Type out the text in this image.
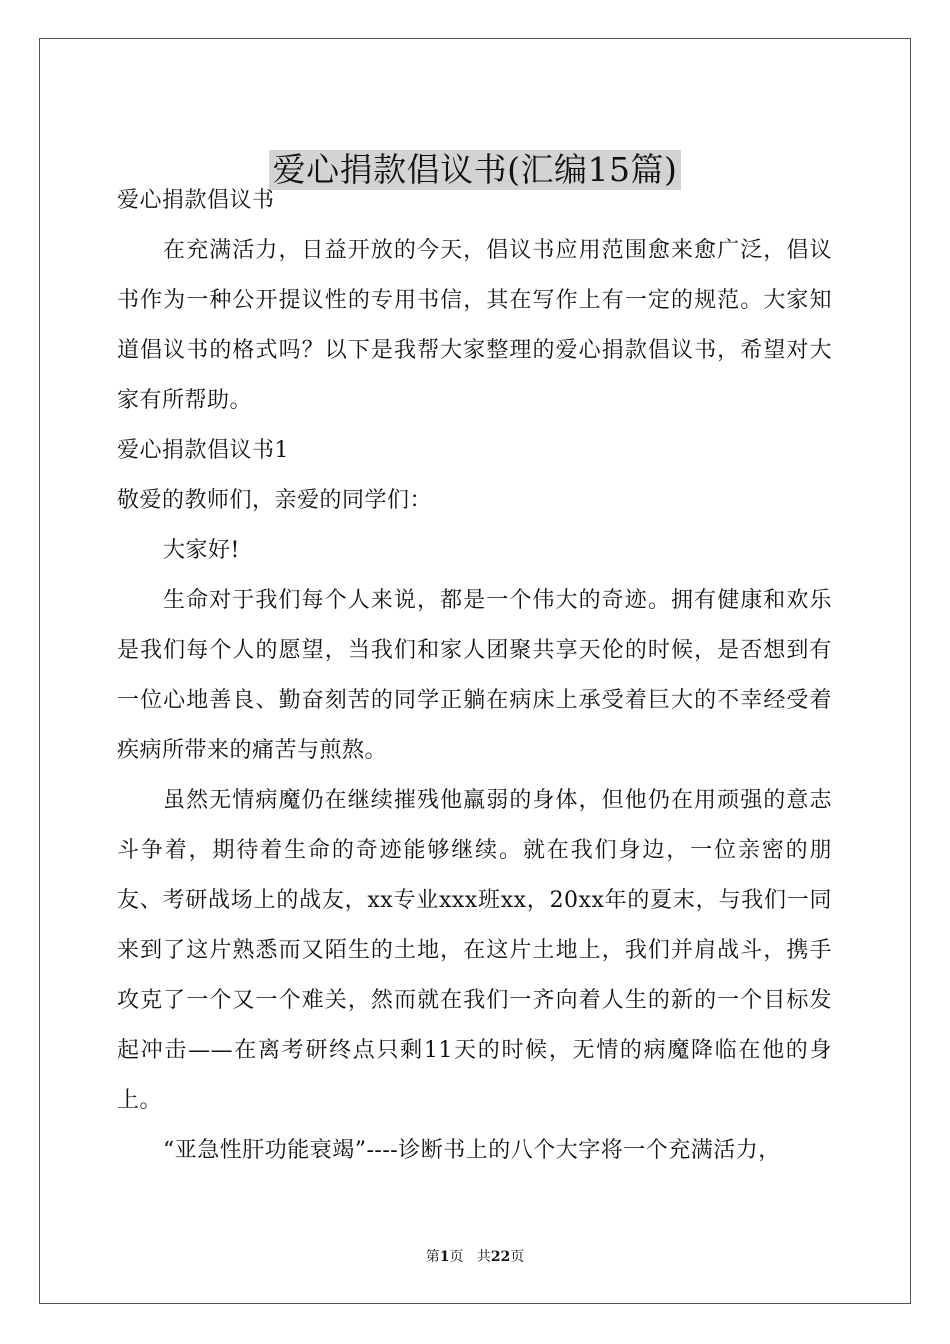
爱心捐款倡议书(汇编15篇)

爱心捐款倡议书

在充满活力，日益开放的今天，倡议书应用范围愈来愈广泛，倡议书作为一种公开提议性的专用书信，其在写作上有一定的规范。大家知道倡议书的格式吗？以下是我帮大家整理的爱心捐款倡议书，希望对大家有所帮助。

爱心捐款倡议书1

敬爱的教师们，亲爱的同学们：

大家好!

生命对于我们每个人来说，都是一个伟大的奇迹。拥有健康和欢乐是我们每个人的愿望，当我们和家人团聚共享天伦的时候，是否想到有一位心地善良、勤奋刻苦的同学正躺在病床上承受着巨大的不幸经受着疾病所带来的痛苦与煎熬。

虽然无情病魔仍在继续摧残他羸弱的身体，但他仍在用顽强的意志斗争着，期待着生命的奇迹能够继续。就在我们身边，一位亲密的朋友、考研战场上的战友，xx专业xxx班xx，20xx年的夏末，与我们一同来到了这片熟悉而又陌生的土地，在这片土地上，我们并肩战斗，携手攻克了一个又一个难关，然而就在我们一齐向着人生的新的一个目标发起冲击——在离考研终点只剩11天的时候，无情的病魔降临在他的身上。

“亚急性肝功能衰竭”----诊断书上的八个大字将一个充满活力，

第1页 共22页
